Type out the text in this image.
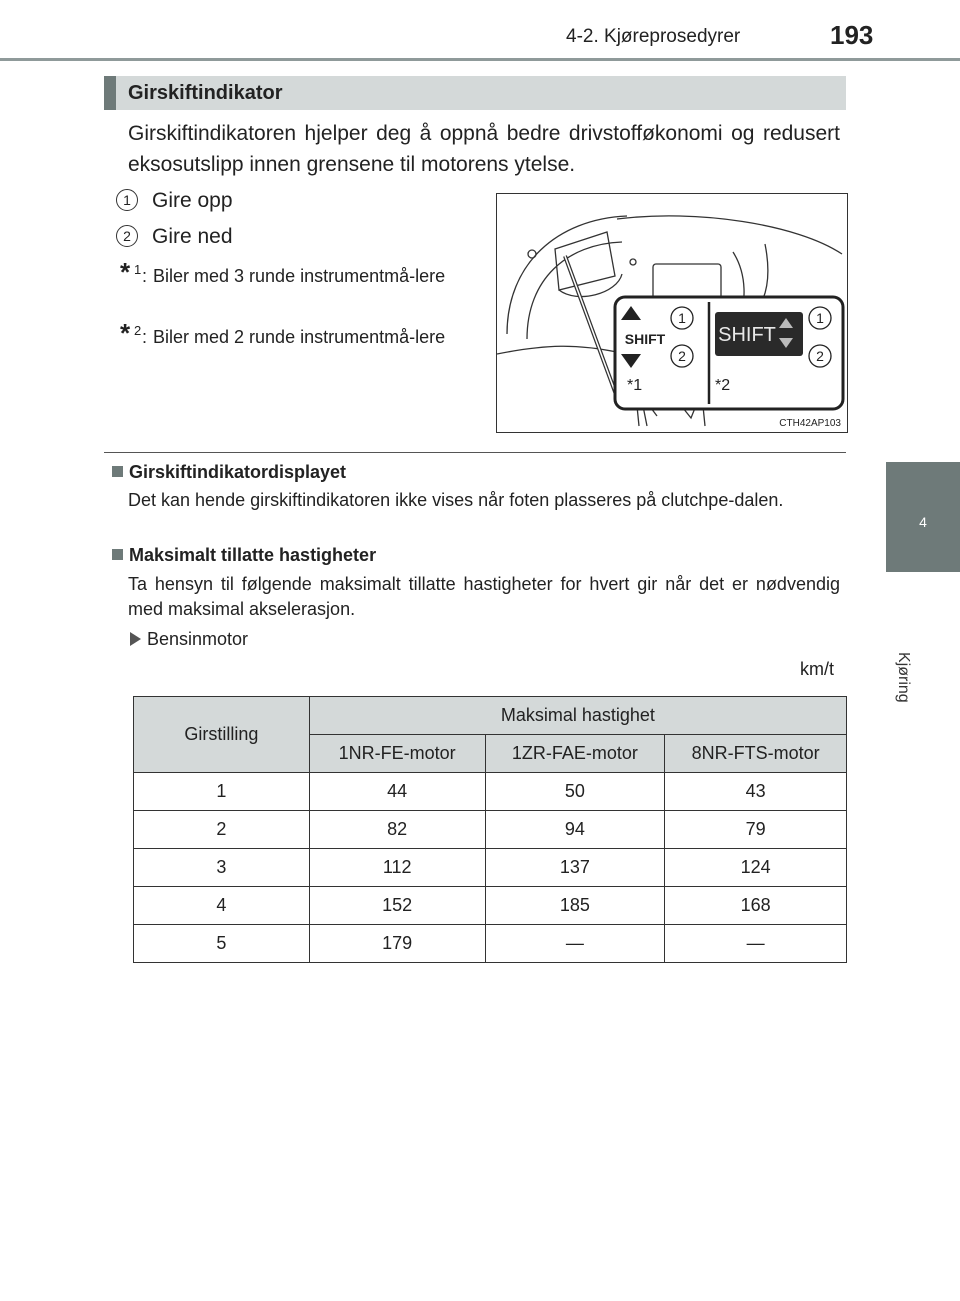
4-2. Kjøreprosedyrer	193
4
Kjøring
Girskiftindikator
Girskiftindikatoren hjelper deg å oppnå bedre drivstofføkonomi og redusert eksosutslipp innen grensene til motorens ytelse.
1 Gire opp
2 Gire ned
* 1 : Biler med 3 runde instrumentmå-lere
* 2 : Biler med 2 runde instrumentmå-lere	SHIFT
1
2
*1
SHIFT
1
2
*2
CTH42AP103
Girskiftindikatordisplayet
Det kan hende girskiftindikatoren ikke vises når foten plasseres på clutchpe-dalen.
Maksimalt tillatte hastigheter
Ta hensyn til følgende maksimalt tillatte hastigheter for hvert gir når det er nødvendig med maksimal akselerasjon.
Bensinmotor
km/t
Girstilling	Maksimal hastighet		
	1NR-FE-motor	1ZR-FAE-motor	8NR-FTS-motor
1	44	50	43
2	82	94	79
3	112	137	124
4	152	185	168
5	179	—	—
